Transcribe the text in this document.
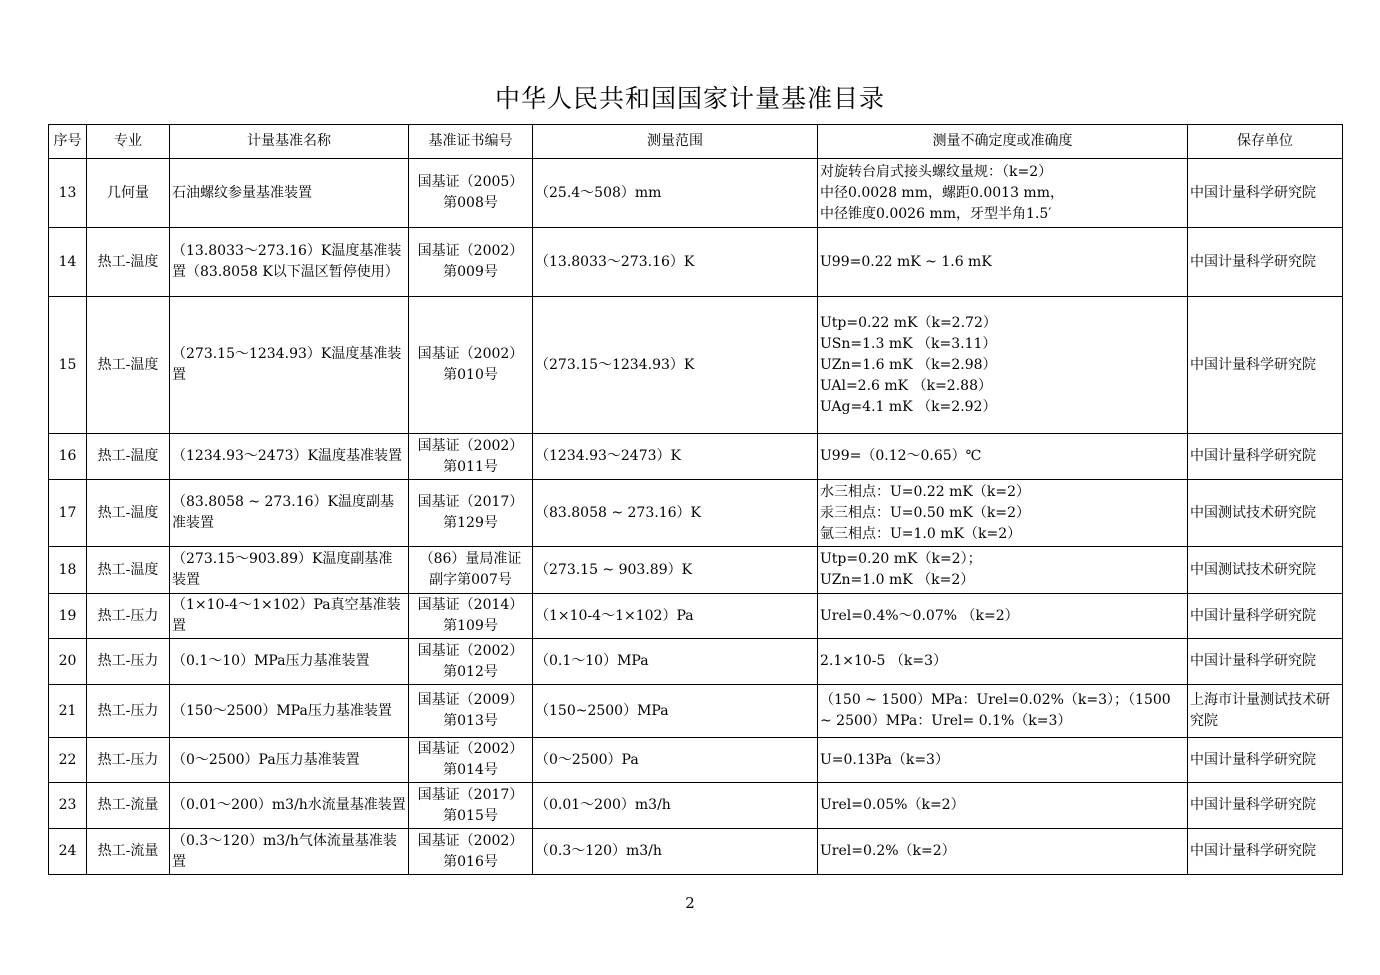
中华人民共和国国家计量基准目录
序号	专业	计量基准名称	基准证书编号	测量范围	测量不确定度或准确度	保存单位
13	几何量	石油螺纹参量基准装置	国基证（2005）
第008号	（25.4～508）mm	对旋转台肩式接头螺纹量规：（k=2）
中径0.0028 mm，螺距0.0013 mm，
中径锥度0.0026 mm，牙型半角1.5′	中国计量科学研究院
14	热工-温度	（13.8033～273.16）K温度基准装置（83.8058 K以下温区暂停使用）	国基证（2002）
第009号	（13.8033～273.16）K	U99=0.22 mK ~ 1.6 mK	中国计量科学研究院
15	热工-温度	（273.15～1234.93）K温度基准装置	国基证（2002）
第010号	（273.15～1234.93）K	Utp=0.22 mK（k=2.72）
USn=1.3 mK （k=3.11）
UZn=1.6 mK （k=2.98）
UAl=2.6 mK （k=2.88）
UAg=4.1 mK （k=2.92）	中国计量科学研究院
16	热工-温度	（1234.93～2473）K温度基准装置	国基证（2002）
第011号	（1234.93～2473）K	U99=（0.12～0.65）℃	中国计量科学研究院
17	热工-温度	（83.8058 ~ 273.16）K温度副基准装置	国基证（2017）
第129号	（83.8058 ~ 273.16）K	水三相点：U=0.22 mK（k=2）
汞三相点：U=0.50 mK（k=2）
氩三相点：U=1.0 mK（k=2）	中国测试技术研究院
18	热工-温度	（273.15～903.89）K温度副基准装置	（86）量局准证
副字第007号	（273.15 ~ 903.89）K	Utp=0.20 mK（k=2）；
UZn=1.0 mK （k=2）	中国测试技术研究院
19	热工-压力	（1×10-4～1×102）Pa真空基准装置	国基证（2014）
第109号	（1×10-4～1×102）Pa	Urel=0.4%～0.07% （k=2）	中国计量科学研究院
20	热工-压力	（0.1～10）MPa压力基准装置	国基证（2002）
第012号	（0.1～10）MPa	2.1×10-5 （k=3）	中国计量科学研究院
21	热工-压力	（150～2500）MPa压力基准装置	国基证（2009）
第013号	（150~2500）MPa	（150 ~ 1500）MPa：Urel=0.02%（k=3）；（1500
~ 2500）MPa：Urel= 0.1%（k=3）	上海市计量测试技术研究院
22	热工-压力	（0～2500）Pa压力基准装置	国基证（2002）
第014号	（0～2500）Pa	U=0.13Pa（k=3）	中国计量科学研究院
23	热工-流量	（0.01～200）m3/h水流量基准装置	国基证（2017）
第015号	（0.01～200）m3/h	Urel=0.05%（k=2）	中国计量科学研究院
24	热工-流量	（0.3～120）m3/h气体流量基准装置	国基证（2002）
第016号	（0.3～120）m3/h	Urel=0.2%（k=2）	中国计量科学研究院
2
